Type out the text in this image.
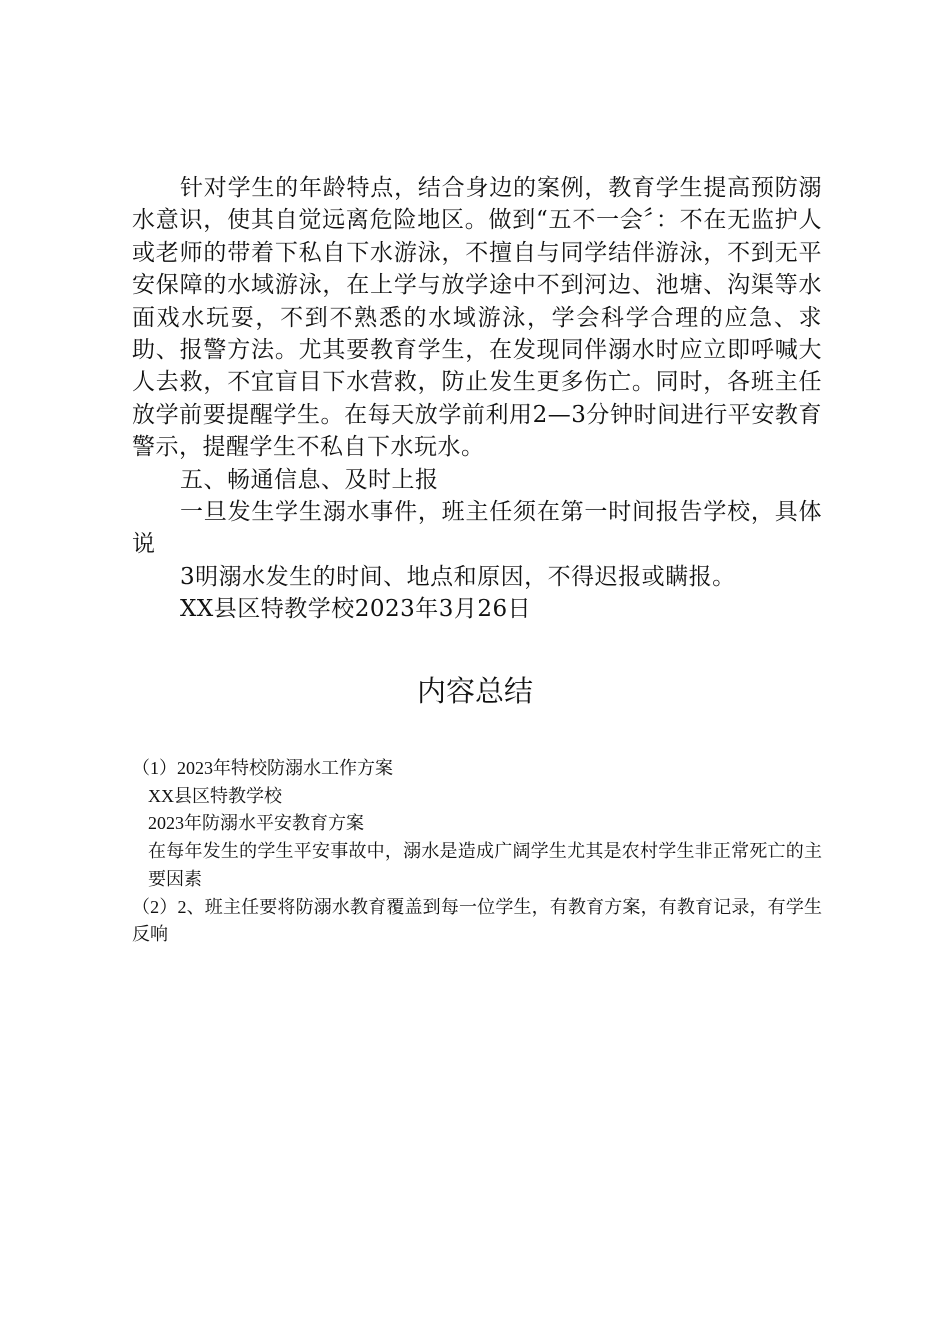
针对学生的年龄特点，结合身边的案例，教育学生提高预防溺水意识，使其自觉远离危险地区。做到“五不一会〞：不在无监护人或老师的带着下私自下水游泳，不擅自与同学结伴游泳，不到无平安保障的水域游泳，在上学与放学途中不到河边、池塘、沟渠等水面戏水玩耍，不到不熟悉的水域游泳，学会科学合理的应急、求助、报警方法。尤其要教育学生，在发现同伴溺水时应立即呼喊大人去救，不宜盲目下水营救，防止发生更多伤亡。同时，各班主任放学前要提醒学生。在每天放学前利用2—3分钟时间进行平安教育警示，提醒学生不私自下水玩水。

五、畅通信息、及时上报

一旦发生学生溺水事件，班主任须在第一时间报告学校，具体说

3明溺水发生的时间、地点和原因，不得迟报或瞒报。

XX县区特教学校2023年3月26日

内容总结

（1）2023年特校防溺水工作方案

XX县区特教学校

2023年防溺水平安教育方案

在每年发生的学生平安事故中，溺水是造成广阔学生尤其是农村学生非正常死亡的主要因素

（2）2、班主任要将防溺水教育覆盖到每一位学生，有教育方案，有教育记录，有学生反响
